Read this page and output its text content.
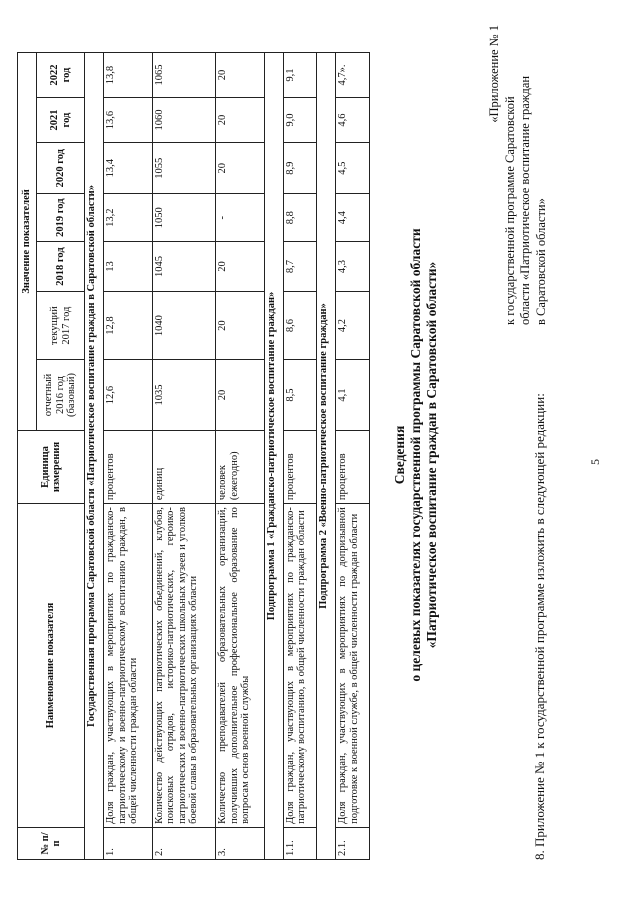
5
8. Приложение № 1 к государственной программе изложить в следующей редакции:
«Приложение № 1
к государственной программе Саратовской области «Патриотическое воспитание граждан в Саратовской области»
Сведения о целевых показателях государственной программы Саратовской области «Патриотическое воспитание граждан в Саратовской области»
№ п/п	Наименование показателя	Единица измерения	Значение показателей						
			отчетный 2016 год (базовый)	текущий 2017 год	2018 год	2019 год	2020 год	2021 год	2022 год
Государственная программа Саратовской области «Патриотическое воспитание граждан в Саратовской области»									
1.	Доля граждан, участвующих в мероприятиях по гражданско-патриотическому и военно-патриотическому воспитанию граждан, в общей численности граждан области	процентов	12,6	12,8	13	13,2	13,4	13,6	13,8
2.	Количество действующих патриотических объединений, клубов, поисковых отрядов, историко-патриотических, героико-патриотических и военно-патриотических школьных музеев и уголков боевой славы в образовательных организациях области	единиц	1035	1040	1045	1050	1055	1060	1065
3.	Количество преподавателей образовательных организаций, получивших дополнительное профессиональное образование по вопросам основ военной службы	человек (ежегодно)	20	20	20	-	20	20	20
Подпрограмма 1 «Гражданско-патриотическое воспитание граждан»									
1.1.	Доля граждан, участвующих в мероприятиях по гражданско-патриотическому воспитанию, в общей численности граждан области	процентов	8,5	8,6	8,7	8,8	8,9	9,0	9,1
Подпрограмма 2 «Военно-патриотическое воспитание граждан»									
2.1.	Доля граждан, участвующих в мероприятиях по допризывной подготовке к военной службе, в общей численности граждан области	процентов	4,1	4,2	4,3	4,4	4,5	4,6	4,7».
